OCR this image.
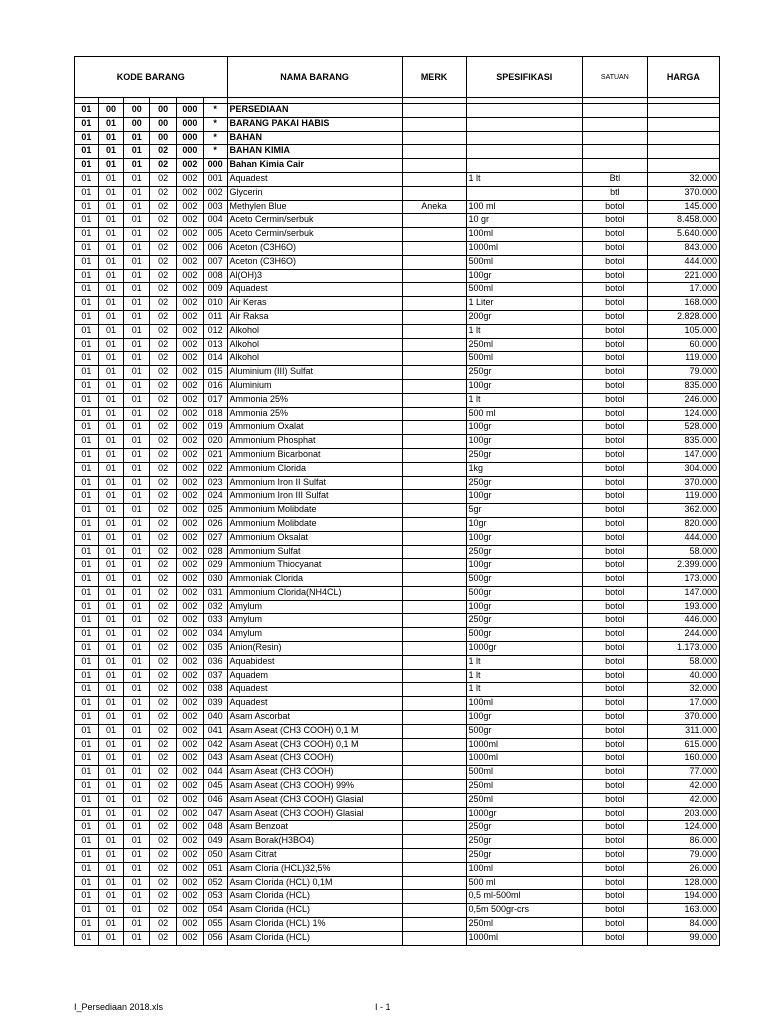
KODE BARANG						NAMA BARANG	MERK	SPESIFIKASI	SATUAN	HARGA

01	00	00	00	000	*	PERSEDIAAN				
01	01	00	00	000	*	BARANG PAKAI HABIS				
01	01	01	00	000	*	BAHAN				
01	01	01	02	000	*	BAHAN KIMIA				
01	01	01	02	002	000	Bahan Kimia Cair				
01	01	01	02	002	001	Aquadest		1 lt	Btl	32.000
01	01	01	02	002	002	Glycerin			btl	370.000
01	01	01	02	002	003	Methylen Blue	Aneka	100 ml	botol	145.000
01	01	01	02	002	004	Aceto Cermin/serbuk		10 gr	botol	8.458.000
01	01	01	02	002	005	Aceto Cermin/serbuk		100ml	botol	5.640.000
01	01	01	02	002	006	Aceton (C3H6O)		1000ml	botol	843.000
01	01	01	02	002	007	Aceton (C3H6O)		500ml	botol	444.000
01	01	01	02	002	008	Al(OH)3		100gr	botol	221.000
01	01	01	02	002	009	Aquadest		500ml	botol	17.000
01	01	01	02	002	010	Air Keras		1 Liter	botol	168.000
01	01	01	02	002	011	Air Raksa		200gr	botol	2.828.000
01	01	01	02	002	012	Alkohol		1 lt	botol	105.000
01	01	01	02	002	013	Alkohol		250ml	botol	60.000
01	01	01	02	002	014	Alkohol		500ml	botol	119.000
01	01	01	02	002	015	Aluminium (III) Sulfat		250gr	botol	79.000
01	01	01	02	002	016	Aluminium		100gr	botol	835.000
01	01	01	02	002	017	Ammonia 25%		1 lt	botol	246.000
01	01	01	02	002	018	Ammonia 25%		500 ml	botol	124.000
01	01	01	02	002	019	Ammonium Oxalat		100gr	botol	528.000
01	01	01	02	002	020	Ammonium Phosphat		100gr	botol	835.000
01	01	01	02	002	021	Ammonium Bicarbonat		250gr	botol	147.000
01	01	01	02	002	022	Ammonium Clorida		1kg	botol	304.000
01	01	01	02	002	023	Ammonium Iron II Sulfat		250gr	botol	370.000
01	01	01	02	002	024	Ammonium Iron III Sulfat		100gr	botol	119.000
01	01	01	02	002	025	Ammonium Molibdate		5gr	botol	362.000
01	01	01	02	002	026	Ammonium Molibdate		10gr	botol	820.000
01	01	01	02	002	027	Ammonium Oksalat		100gr	botol	444.000
01	01	01	02	002	028	Ammonium Sulfat		250gr	botol	58.000
01	01	01	02	002	029	Ammonium Thiocyanat		100gr	botol	2.399.000
01	01	01	02	002	030	Ammoniak Clorida		500gr	botol	173.000
01	01	01	02	002	031	Ammonium Clorida(NH4CL)		500gr	botol	147.000
01	01	01	02	002	032	Amylum		100gr	botol	193.000
01	01	01	02	002	033	Amylum		250gr	botol	446.000
01	01	01	02	002	034	Amylum		500gr	botol	244.000
01	01	01	02	002	035	Anion(Resin)		1000gr	botol	1.173.000
01	01	01	02	002	036	Aquabidest		1 lt	botol	58.000
01	01	01	02	002	037	Aquadem		1 lt	botol	40.000
01	01	01	02	002	038	Aquadest		1 lt	botol	32.000
01	01	01	02	002	039	Aquadest		100ml	botol	17.000
01	01	01	02	002	040	Asam Ascorbat		100gr	botol	370.000
01	01	01	02	002	041	Asam Aseat (CH3 COOH) 0,1 M		500gr	botol	311.000
01	01	01	02	002	042	Asam Aseat (CH3 COOH) 0,1 M		1000ml	botol	615.000
01	01	01	02	002	043	Asam Aseat (CH3 COOH)		1000ml	botol	160.000
01	01	01	02	002	044	Asam Aseat (CH3 COOH)		500ml	botol	77.000
01	01	01	02	002	045	Asam Aseat (CH3 COOH) 99%		250ml	botol	42.000
01	01	01	02	002	046	Asam Aseat (CH3 COOH) Glasial		250ml	botol	42.000
01	01	01	02	002	047	Asam Aseat (CH3 COOH) Glasial		1000gr	botol	203.000
01	01	01	02	002	048	Asam Benzoat		250gr	botol	124.000
01	01	01	02	002	049	Asam Borak(H3BO4)		250gr	botol	86.000
01	01	01	02	002	050	Asam Citrat		250gr	botol	79.000
01	01	01	02	002	051	Asam Cloria (HCL)32,5%		100ml	botol	26.000
01	01	01	02	002	052	Asam Clorida (HCL) 0,1M		500 ml	botol	128.000
01	01	01	02	002	053	Asam Clorida (HCL)		0,5 ml-500ml	botol	194.000
01	01	01	02	002	054	Asam Clorida (HCL)		0,5m 500gr-crs	botol	163.000
01	01	01	02	002	055	Asam Clorida (HCL) 1%		250ml	botol	84.000
01	01	01	02	002	056	Asam Clorida (HCL)		1000ml	botol	99.000
I_Persediaan 2018.xls	I - 1
